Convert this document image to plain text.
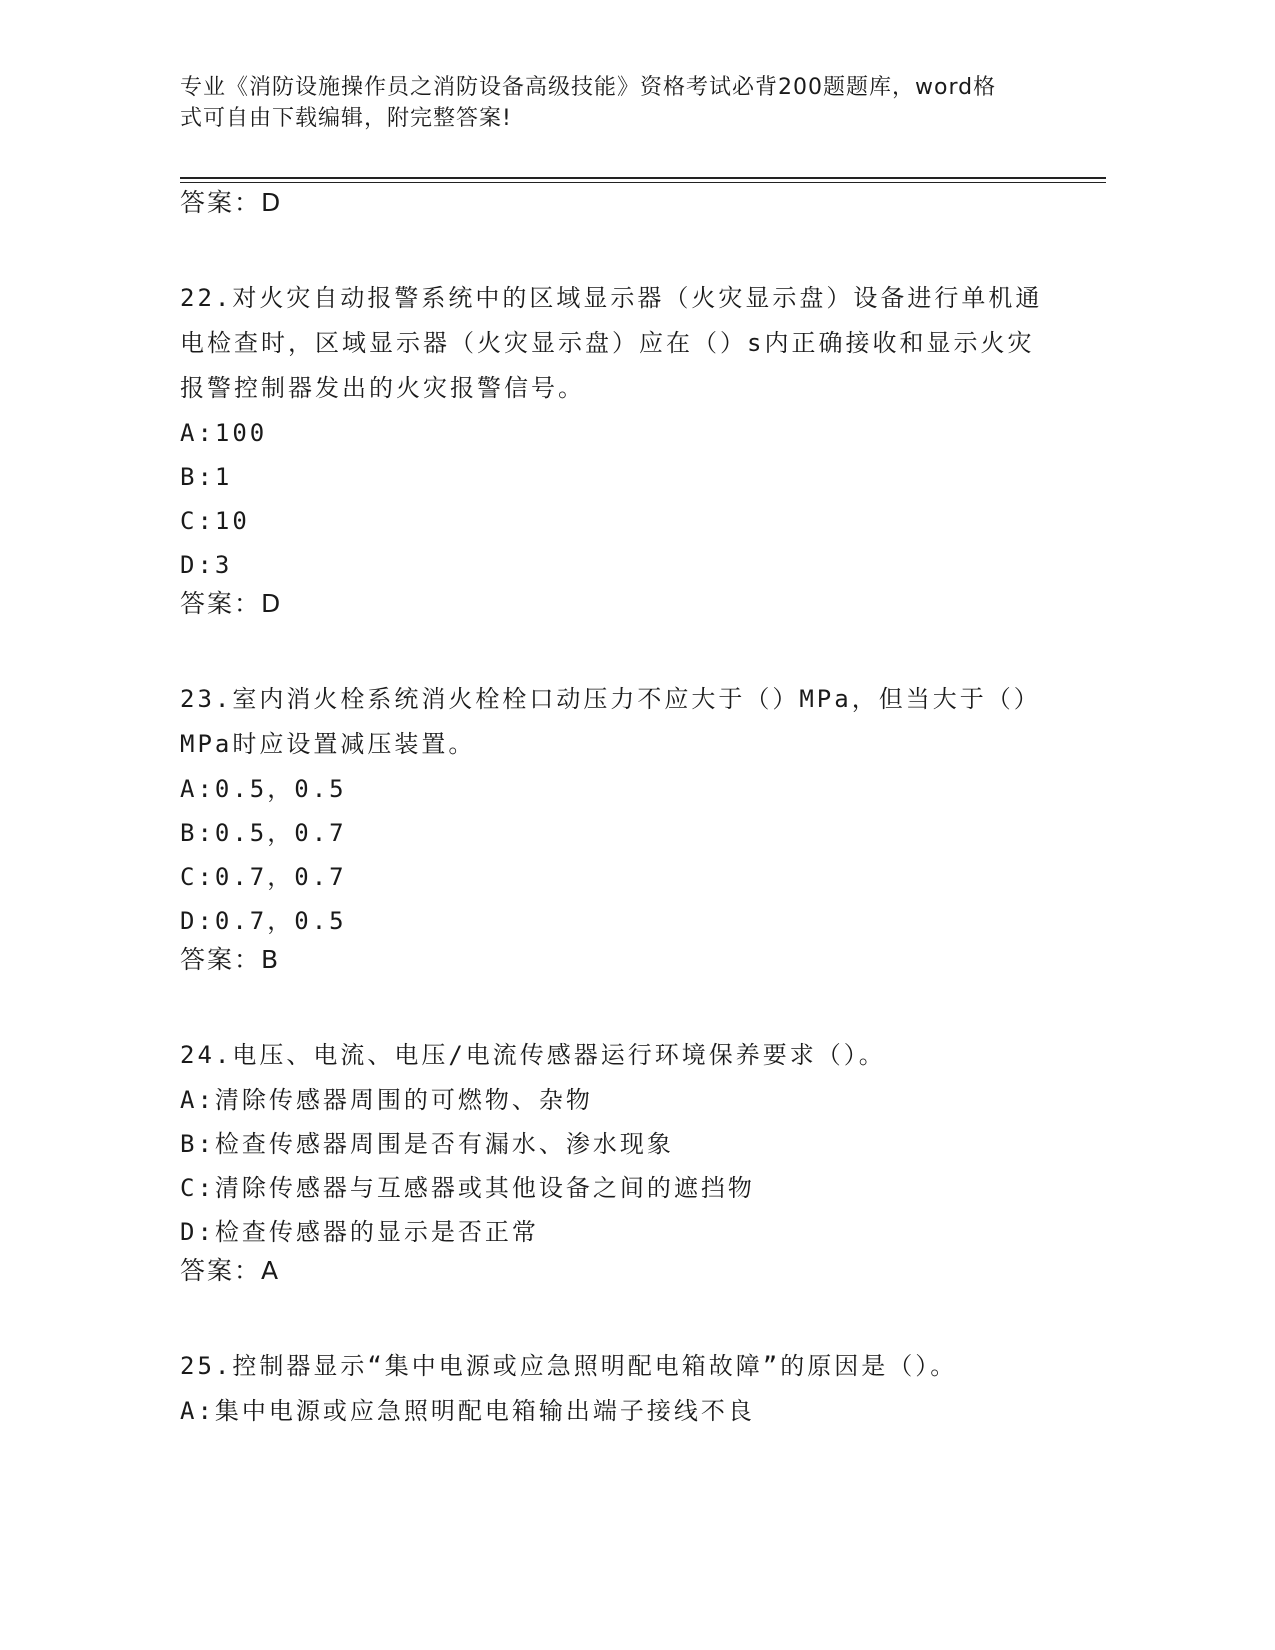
专业《消防设施操作员之消防设备高级技能》资格考试必背200题题库，word格
式可自由下载编辑，附完整答案!

答案：D

22.对火灾自动报警系统中的区域显示器（火灾显示盘）设备进行单机通电检查时，区域显示器（火灾显示盘）应在（）s内正确接收和显示火灾报警控制器发出的火灾报警信号。

A:100
B:1
C:10
D:3

答案：D

23.室内消火栓系统消火栓栓口动压力不应大于（）MPa，但当大于（）MPa时应设置减压装置。

A:0.5，0.5
B:0.5，0.7
C:0.7，0.7
D:0.7，0.5

答案：B

24.电压、电流、电压/电流传感器运行环境保养要求（）。

A:清除传感器周围的可燃物、杂物
B:检查传感器周围是否有漏水、渗水现象
C:清除传感器与互感器或其他设备之间的遮挡物
D:检查传感器的显示是否正常

答案：A

25.控制器显示“集中电源或应急照明配电箱故障”的原因是（）。

A:集中电源或应急照明配电箱输出端子接线不良
